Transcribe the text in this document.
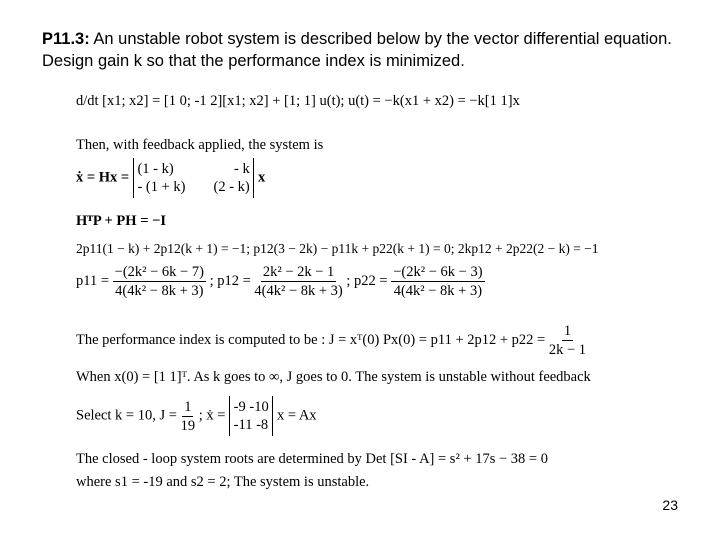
P11.3: An unstable robot system is described below by the vector differential equation. Design gain k so that the performance index is minimized.
d/dt [x1; x2] = [1 0; -1 2][x1; x2] + [1; 1] u(t); u(t) = −k(x1 + x2) = −k[1 1]x
Then, with feedback applied, the system is
ẋ = Hx =
(1 - k)	- k
- (1 + k) (2 - k)
x
HᵀP + PH = −I
2p11(1 − k) + 2p12(k + 1) = −1; p12(3 − 2k) − p11k + p22(k + 1) = 0; 2kp12 + 2p22(2 − k) = −1
$p11 = \frac{\text{−(2k² − 6k − 7)}}{\text{4(4k² − 8k + 3)}}$ ; $p12 = \frac{\text{2k² − 2k − 1}}{\text{4(4k² − 8k + 3)}}$ ; $p22 = \frac{\text{−(2k² − 6k − 3)}}{\text{4(4k² − 8k + 3)}}$
The performance index is computed to be : J = xᵀ(0) $Px(0) = p11 + 2p12 + p22 = \frac{1}{2k - 1}$
When x(0) = [1 1]ᵀ. As k goes to ∞, J goes to 0. The system is unstable without feedback
Select k = 10, $J = \frac{1}{19}$ ; ẋ =
-9 -10
-11 -8
x = Ax
The closed - loop system roots are determined by Det [SI - A] = s² + 17s − 38 = 0
where s1 = -19 and s2 = 2; The system is unstable.
23
